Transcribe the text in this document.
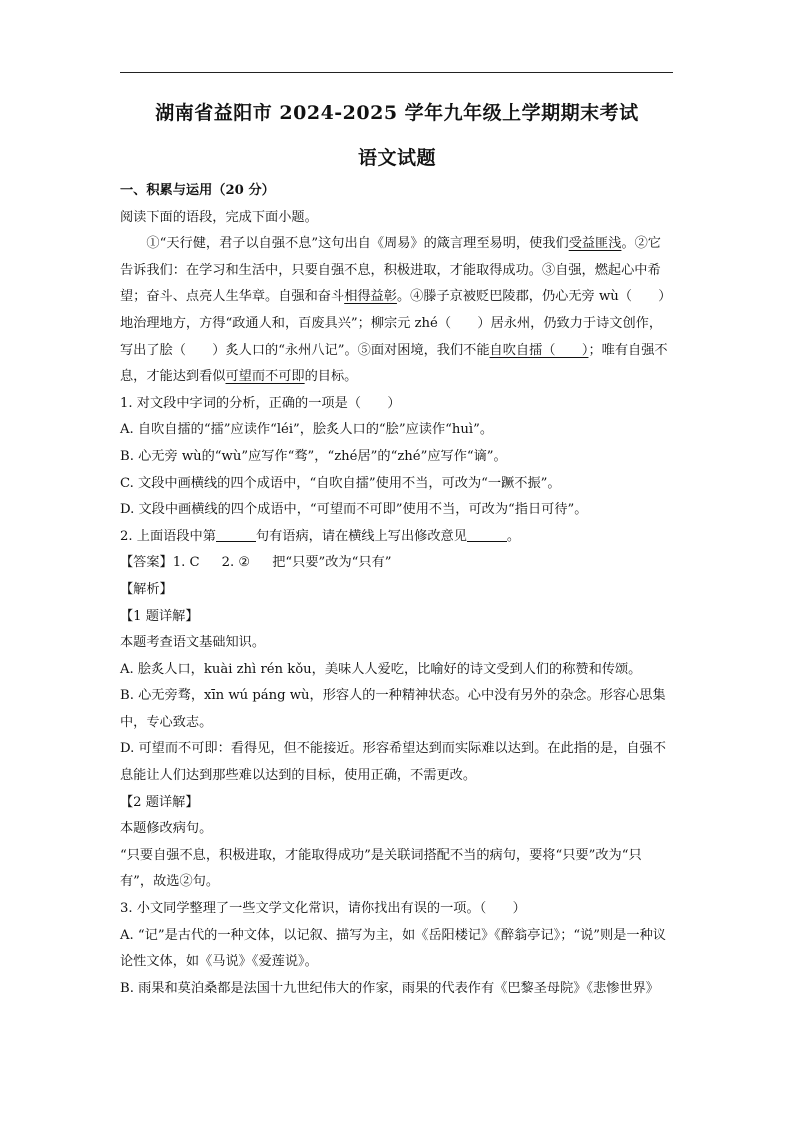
湖南省益阳市 2024-2025 学年九年级上学期期末考试
语文试题

一、积累与运用（20 分）

阅读下面的语段，完成下面小题。

①“天行健，君子以自强不息”这句出自《周易》的箴言理至易明，使我们受益匪浅。②它告诉我们：在学习和生活中，只要自强不息，积极进取，才能取得成功。③自强，燃起心中希望；奋斗、点亮人生华章。自强和奋斗相得益彰。④滕子京被贬巴陵郡，仍心无旁 wù（　　）地治理地方，方得“政通人和，百废具兴”；柳宗元 zhé（　　）居永州，仍致力于诗文创作，写出了脍（　　）炙人口的“永州八记”。⑤面对困境，我们不能自吹自擂（　　）；唯有自强不息，才能达到看似可望而不可即的目标。

1. 对文段中字词的分析，正确的一项是（　　）

A. 自吹自擂的“擂”应读作“léi”，脍炙人口的“脍”应读作“huì”。

B. 心无旁 wù的“wù”应写作“骛”，“zhé居”的“zhé”应写作“谪”。

C. 文段中画横线的四个成语中，“自吹自擂”使用不当，可改为“一蹶不振”。

D. 文段中画横线的四个成语中，“可望而不可即”使用不当，可改为“指日可待”。

2. 上面语段中第	句有语病，请在横线上写出修改意见	。

【答案】1. C 2. ② 把“只要”改为“只有”

【解析】

【1 题详解】

本题考查语文基础知识。

A. 脍炙人口，kuài zhì rén kǒu，美味人人爱吃，比喻好的诗文受到人们的称赞和传颂。

B. 心无旁骛，xīn wú páng wù，形容人的一种精神状态。心中没有另外的杂念。形容心思集中，专心致志。

D. 可望而不可即：看得见，但不能接近。形容希望达到而实际难以达到。在此指的是，自强不息能让人们达到那些难以达到的目标，使用正确，不需更改。

【2 题详解】

本题修改病句。

“只要自强不息，积极进取，才能取得成功”是关联词搭配不当的病句，要将“只要”改为“只有”，故选②句。

3. 小文同学整理了一些文学文化常识，请你找出有误的一项。（　　）

A. “记”是古代的一种文体，以记叙、描写为主，如《岳阳楼记》《醉翁亭记》；“说”则是一种议论性文体，如《马说》《爱莲说》。

B. 雨果和莫泊桑都是法国十九世纪伟大的作家，雨果的代表作有《巴黎圣母院》《悲惨世界》
